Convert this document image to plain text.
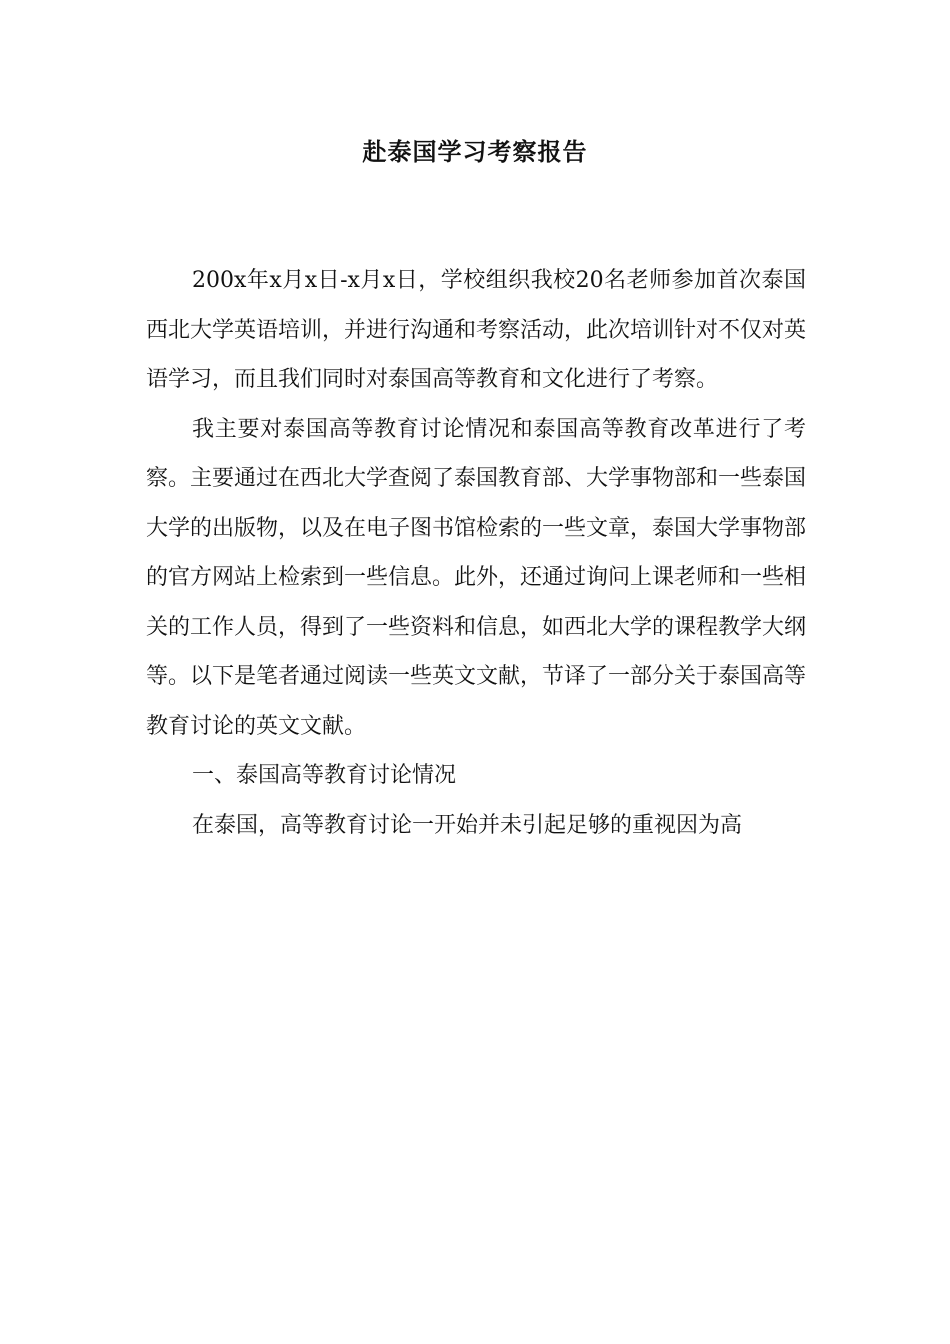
赴泰国学习考察报告

200x年x月x日-x月x日，学校组织我校20名老师参加首次泰国西北大学英语培训，并进行沟通和考察活动，此次培训针对不仅对英语学习，而且我们同时对泰国高等教育和文化进行了考察。

我主要对泰国高等教育讨论情况和泰国高等教育改革进行了考察。主要通过在西北大学查阅了泰国教育部、大学事物部和一些泰国大学的出版物，以及在电子图书馆检索的一些文章，泰国大学事物部的官方网站上检索到一些信息。此外，还通过询问上课老师和一些相关的工作人员，得到了一些资料和信息，如西北大学的课程教学大纲等。以下是笔者通过阅读一些英文文献，节译了一部分关于泰国高等教育讨论的英文文献。

一、泰国高等教育讨论情况

在泰国，高等教育讨论一开始并未引起足够的重视因为高
